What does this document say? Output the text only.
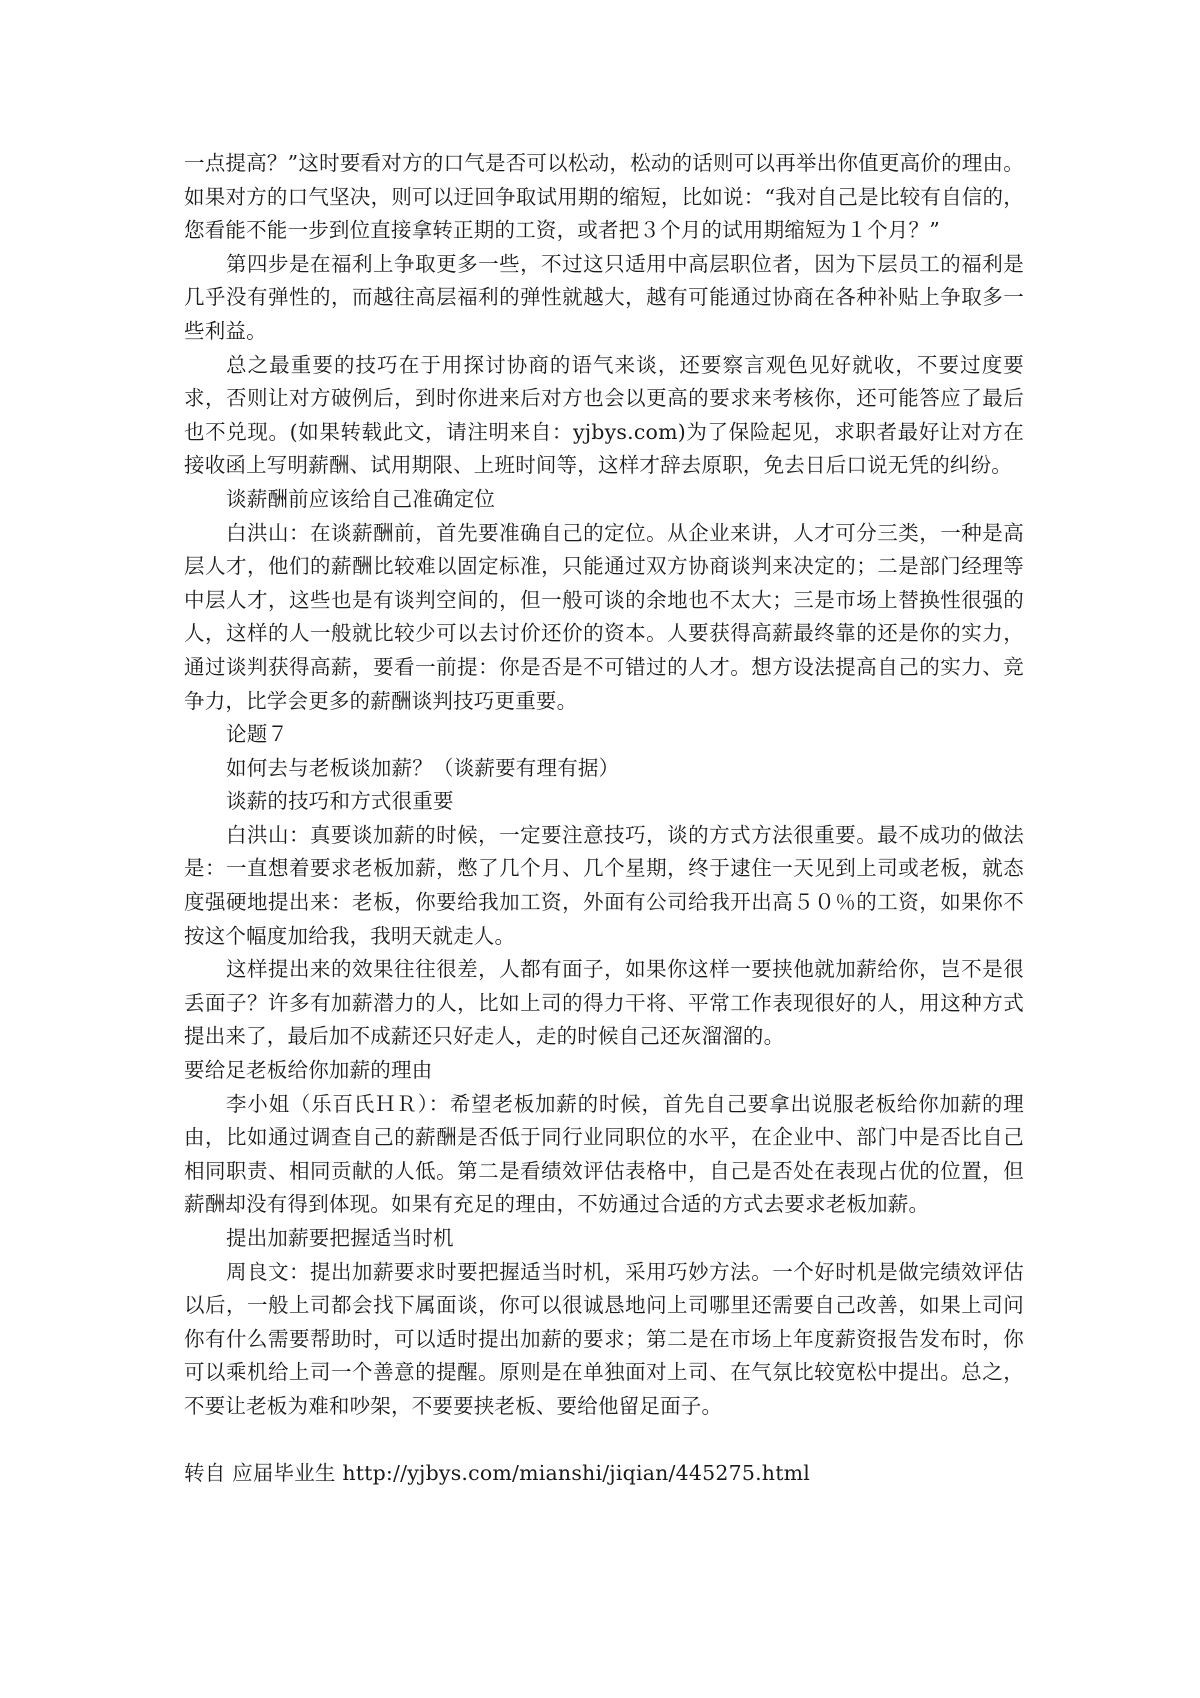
一点提高？”这时要看对方的口气是否可以松动，松动的话则可以再举出你值更高价的理由。如果对方的口气坚决，则可以迂回争取试用期的缩短，比如说：“我对自己是比较有自信的，您看能不能一步到位直接拿转正期的工资，或者把３个月的试用期缩短为１个月？”

第四步是在福利上争取更多一些，不过这只适用中高层职位者，因为下层员工的福利是几乎没有弹性的，而越往高层福利的弹性就越大，越有可能通过协商在各种补贴上争取多一些利益。

总之最重要的技巧在于用探讨协商的语气来谈，还要察言观色见好就收，不要过度要求，否则让对方破例后，到时你进来后对方也会以更高的要求来考核你，还可能答应了最后也不兑现。(如果转载此文，请注明来自：yjbys.com)为了保险起见，求职者最好让对方在接收函上写明薪酬、试用期限、上班时间等，这样才辞去原职，免去日后口说无凭的纠纷。

谈薪酬前应该给自己准确定位

白洪山：在谈薪酬前，首先要准确自己的定位。从企业来讲，人才可分三类，一种是高层人才，他们的薪酬比较难以固定标准，只能通过双方协商谈判来决定的；二是部门经理等中层人才，这些也是有谈判空间的，但一般可谈的余地也不太大；三是市场上替换性很强的人，这样的人一般就比较少可以去讨价还价的资本。人要获得高薪最终靠的还是你的实力，通过谈判获得高薪，要看一前提：你是否是不可错过的人才。想方设法提高自己的实力、竞争力，比学会更多的薪酬谈判技巧更重要。

论题７

如何去与老板谈加薪？（谈薪要有理有据）

谈薪的技巧和方式很重要

白洪山：真要谈加薪的时候，一定要注意技巧，谈的方式方法很重要。最不成功的做法是：一直想着要求老板加薪，憋了几个月、几个星期，终于逮住一天见到上司或老板，就态度强硬地提出来：老板，你要给我加工资，外面有公司给我开出高５０％的工资，如果你不按这个幅度加给我，我明天就走人。

这样提出来的效果往往很差，人都有面子，如果你这样一要挟他就加薪给你，岂不是很丢面子？许多有加薪潜力的人，比如上司的得力干将、平常工作表现很好的人，用这种方式提出来了，最后加不成薪还只好走人，走的时候自己还灰溜溜的。

要给足老板给你加薪的理由

李小姐（乐百氏ＨＲ）：希望老板加薪的时候，首先自己要拿出说服老板给你加薪的理由，比如通过调查自己的薪酬是否低于同行业同职位的水平，在企业中、部门中是否比自己相同职责、相同贡献的人低。第二是看绩效评估表格中，自己是否处在表现占优的位置，但薪酬却没有得到体现。如果有充足的理由，不妨通过合适的方式去要求老板加薪。

提出加薪要把握适当时机

周良文：提出加薪要求时要把握适当时机，采用巧妙方法。一个好时机是做完绩效评估以后，一般上司都会找下属面谈，你可以很诚恳地问上司哪里还需要自己改善，如果上司问你有什么需要帮助时，可以适时提出加薪的要求；第二是在市场上年度薪资报告发布时，你可以乘机给上司一个善意的提醒。原则是在单独面对上司、在气氛比较宽松中提出。总之，不要让老板为难和吵架，不要要挟老板、要给他留足面子。

转自 应届毕业生 http://yjbys.com/mianshi/jiqian/445275.html
